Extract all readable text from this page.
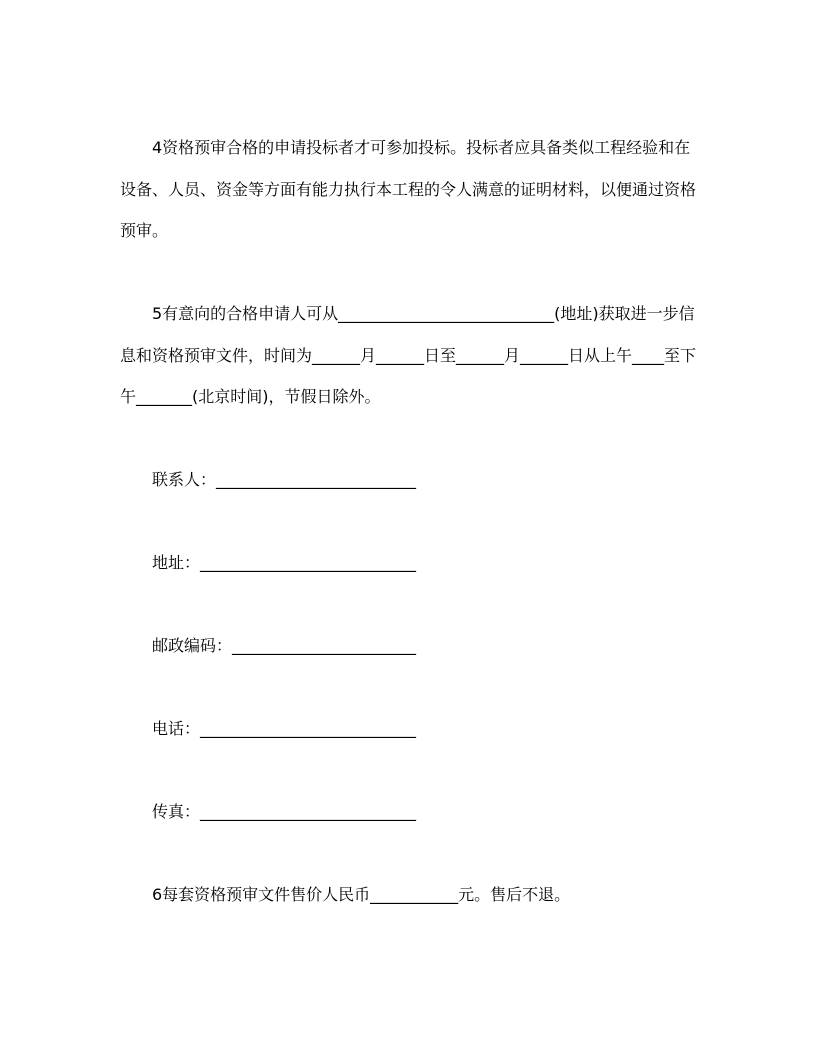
4资格预审合格的申请投标者才可参加投标。投标者应具备类似工程经验和在设备、人员、资金等方面有能力执行本工程的令人满意的证明材料，以便通过资格预审。

5有意向的合格申请人可从___________________________(地址)获取进一步信息和资格预审文件，时间为______月______日至______月______日从上午____至下午_______(北京时间)，节假日除外。

联系人：_________________________

地址：___________________________

邮政编码：_______________________

电话：___________________________

传真：___________________________

6每套资格预审文件售价人民币___________元。售后不退。
